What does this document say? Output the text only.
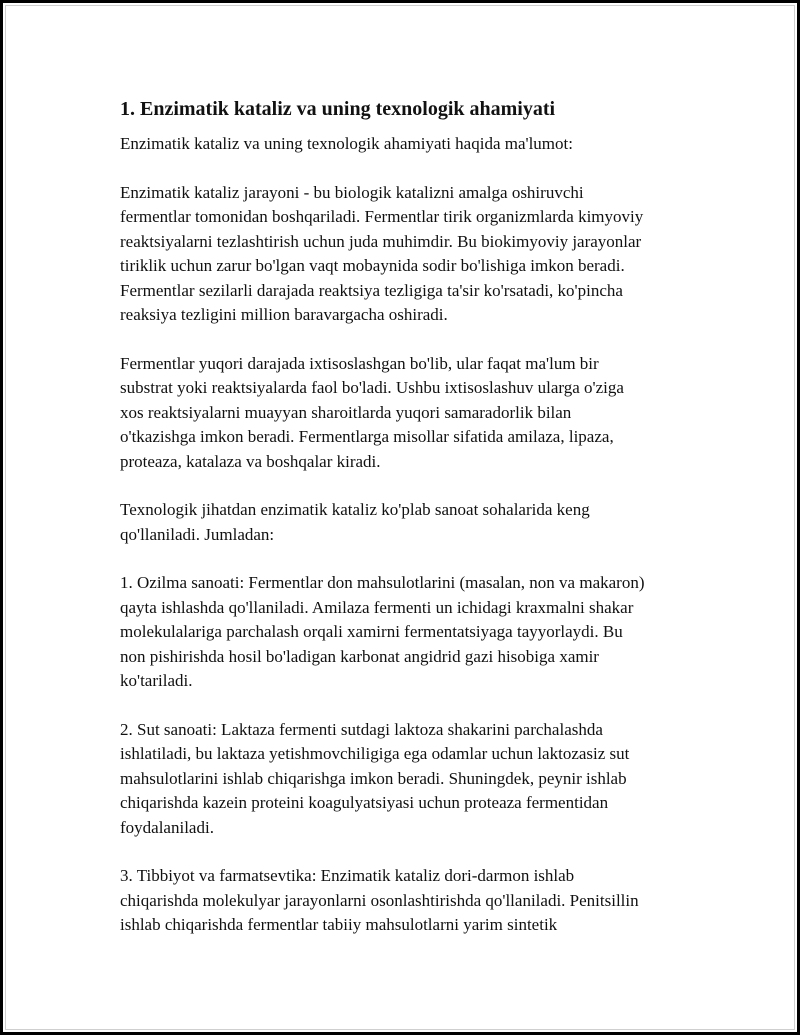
1. Enzimatik kataliz va uning texnologik ahamiyati

Enzimatik kataliz va uning texnologik ahamiyati haqida ma'lumot:

Enzimatik kataliz jarayoni - bu biologik katalizni amalga oshiruvchi
fermentlar tomonidan boshqariladi. Fermentlar tirik organizmlarda kimyoviy
reaktsiyalarni tezlashtirish uchun juda muhimdir. Bu biokimyoviy jarayonlar
tiriklik uchun zarur bo'lgan vaqt mobaynida sodir bo'lishiga imkon beradi.
Fermentlar sezilarli darajada reaktsiya tezligiga ta'sir ko'rsatadi, ko'pincha
reaksiya tezligini million baravargacha oshiradi.

Fermentlar yuqori darajada ixtisoslashgan bo'lib, ular faqat ma'lum bir
substrat yoki reaktsiyalarda faol bo'ladi. Ushbu ixtisoslashuv ularga o'ziga
xos reaktsiyalarni muayyan sharoitlarda yuqori samaradorlik bilan
o'tkazishga imkon beradi. Fermentlarga misollar sifatida amilaza, lipaza,
proteaza, katalaza va boshqalar kiradi.

Texnologik jihatdan enzimatik kataliz ko'plab sanoat sohalarida keng
qo'llaniladi. Jumladan:

1. Ozilma sanoati: Fermentlar don mahsulotlarini (masalan, non va makaron)
qayta ishlashda qo'llaniladi. Amilaza fermenti un ichidagi kraxmalni shakar
molekulalariga parchalash orqali xamirni fermentatsiyaga tayyorlaydi. Bu
non pishirishda hosil bo'ladigan karbonat angidrid gazi hisobiga xamir
ko'tariladi.

2. Sut sanoati: Laktaza fermenti sutdagi laktoza shakarini parchalashda
ishlatiladi, bu laktaza yetishmovchiligiga ega odamlar uchun laktozasiz sut
mahsulotlarini ishlab chiqarishga imkon beradi. Shuningdek, peynir ishlab
chiqarishda kazein proteini koagulyatsiyasi uchun proteaza fermentidan
foydalaniladi.

3. Tibbiyot va farmatsevtika: Enzimatik kataliz dori-darmon ishlab
chiqarishda molekulyar jarayonlarni osonlashtirishda qo'llaniladi. Penitsillin
ishlab chiqarishda fermentlar tabiiy mahsulotlarni yarim sintetik
